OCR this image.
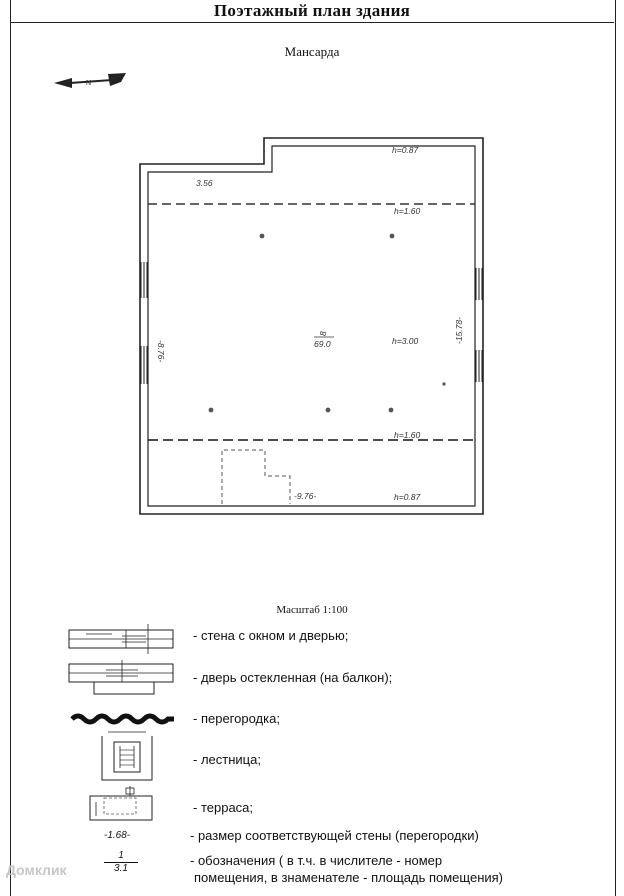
Поэтажный план здания
Мансарда
N
3.56
h=0.87
h=1.60
h=3.00
h=1.60
h=0.87
-9.76-
-8.76-
-15.78-
8
69.0
Масштаб 1:100
- стена с окном и дверью;
- дверь остекленная (на балкон);
- перегородка;
- лестница;
- терраса;
-1.68-	- размер соответствующей стены (перегородки)
$\frac{1}{3.1}$	- обозначения ( в т.ч. в числителе - номер
помещения, в знаменателе - площадь помещения)
Домклик
